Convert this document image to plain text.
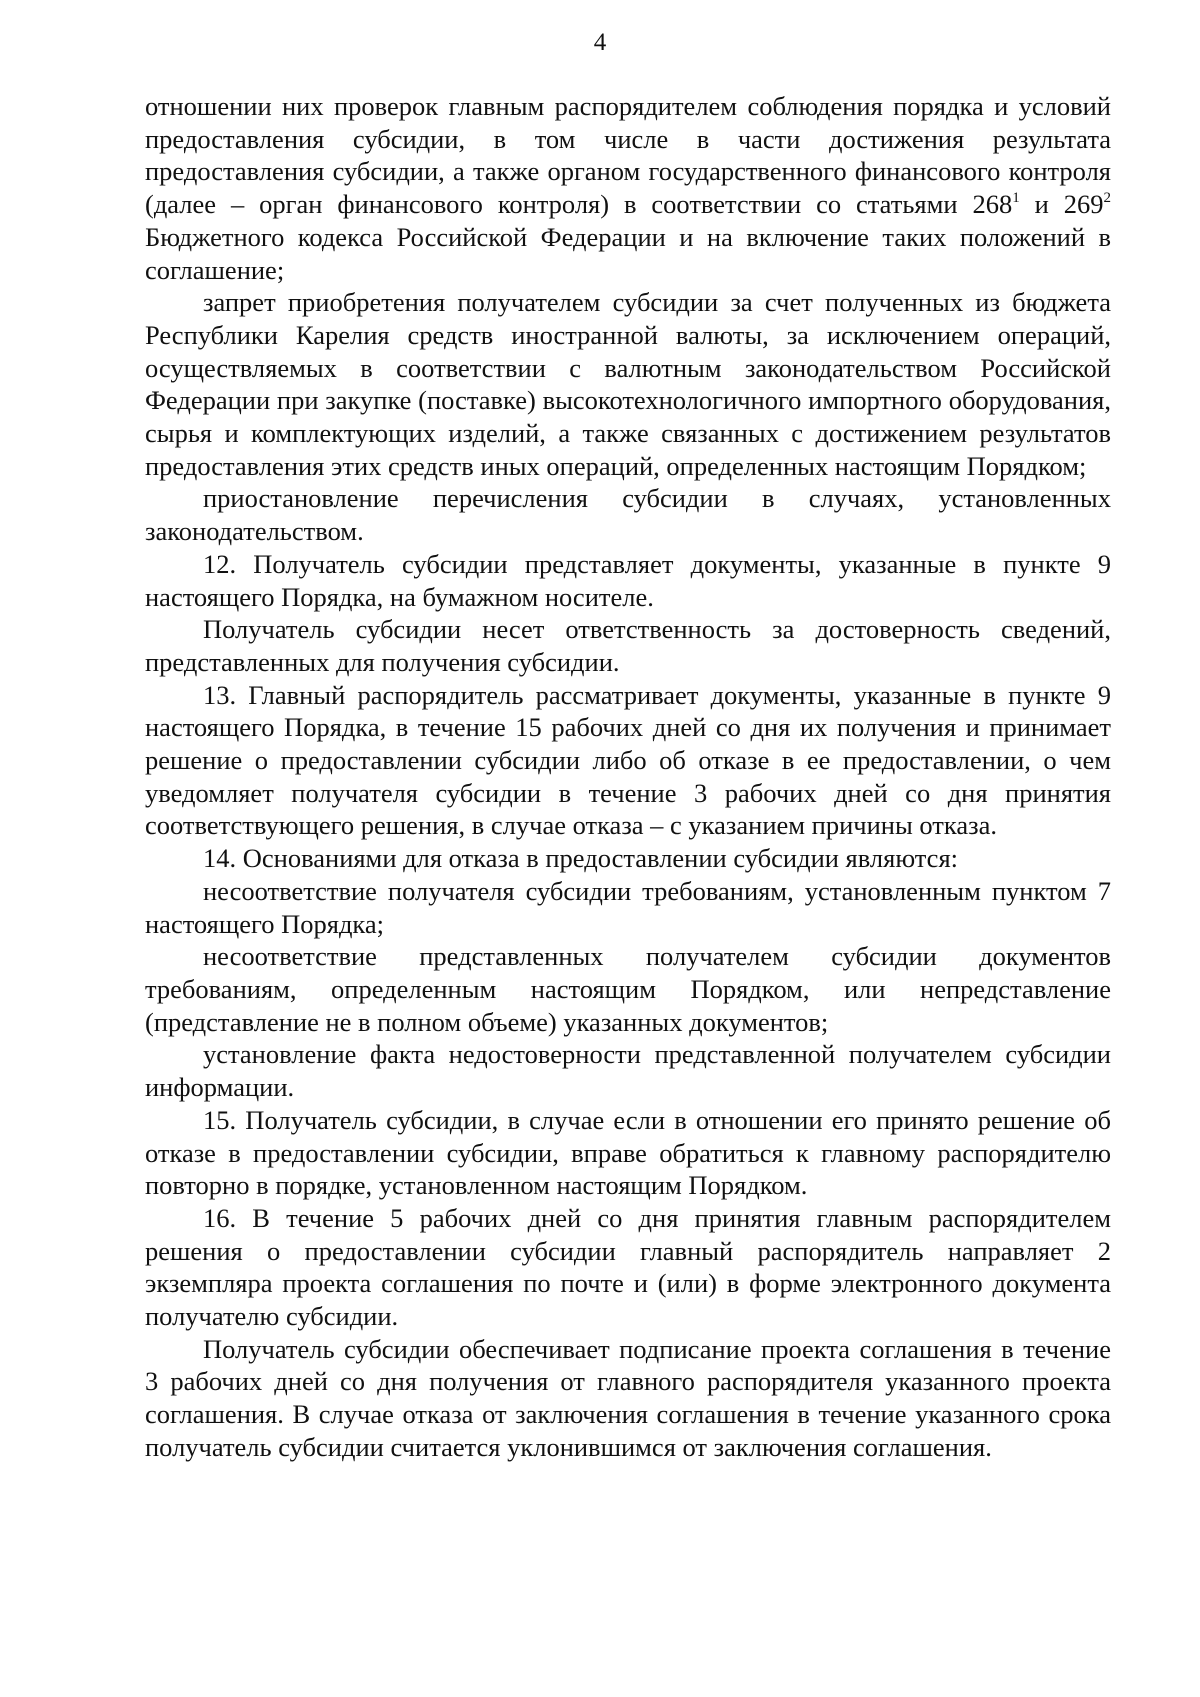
4

отношении них проверок главным распорядителем соблюдения порядка и условий предоставления субсидии, в том числе в части достижения результата предоставления субсидии, а также органом государственного финансового контроля (далее – орган финансового контроля) в соответствии со статьями $268^1$ и $269^2$ Бюджетного кодекса Российской Федерации и на включение таких положений в соглашение;

запрет приобретения получателем субсидии за счет полученных из бюджета Республики Карелия средств иностранной валюты, за исключением операций, осуществляемых в соответствии с валютным законодательством Российской Федерации при закупке (поставке) высокотехнологичного импортного оборудования, сырья и комплектующих изделий, а также связанных с достижением результатов предоставления этих средств иных операций, определенных настоящим Порядком;

приостановление перечисления субсидии в случаях, установленных законодательством.

12. Получатель субсидии представляет документы, указанные в пункте 9 настоящего Порядка, на бумажном носителе.

Получатель субсидии несет ответственность за достоверность сведений, представленных для получения субсидии.

13. Главный распорядитель рассматривает документы, указанные в пункте 9 настоящего Порядка, в течение 15 рабочих дней со дня их получения и принимает решение о предоставлении субсидии либо об отказе в ее предоставлении, о чем уведомляет получателя субсидии в течение 3 рабочих дней со дня принятия соответствующего решения, в случае отказа – с указанием причины отказа.

14. Основаниями для отказа в предоставлении субсидии являются:

несоответствие получателя субсидии требованиям, установленным пунктом 7 настоящего Порядка;

несоответствие представленных получателем субсидии документов требованиям, определенным настоящим Порядком, или непредставление (представление не в полном объеме) указанных документов;

установление факта недостоверности представленной получателем субсидии информации.

15. Получатель субсидии, в случае если в отношении его принято решение об отказе в предоставлении субсидии, вправе обратиться к главному распорядителю повторно в порядке, установленном настоящим Порядком.

16. В течение 5 рабочих дней со дня принятия главным распорядителем решения о предоставлении субсидии главный распорядитель направляет 2 экземпляра проекта соглашения по почте и (или) в форме электронного документа получателю субсидии.

Получатель субсидии обеспечивает подписание проекта соглашения в течение 3 рабочих дней со дня получения от главного распорядителя указанного проекта соглашения. В случае отказа от заключения соглашения в течение указанного срока получатель субсидии считается уклонившимся от заключения соглашения.
